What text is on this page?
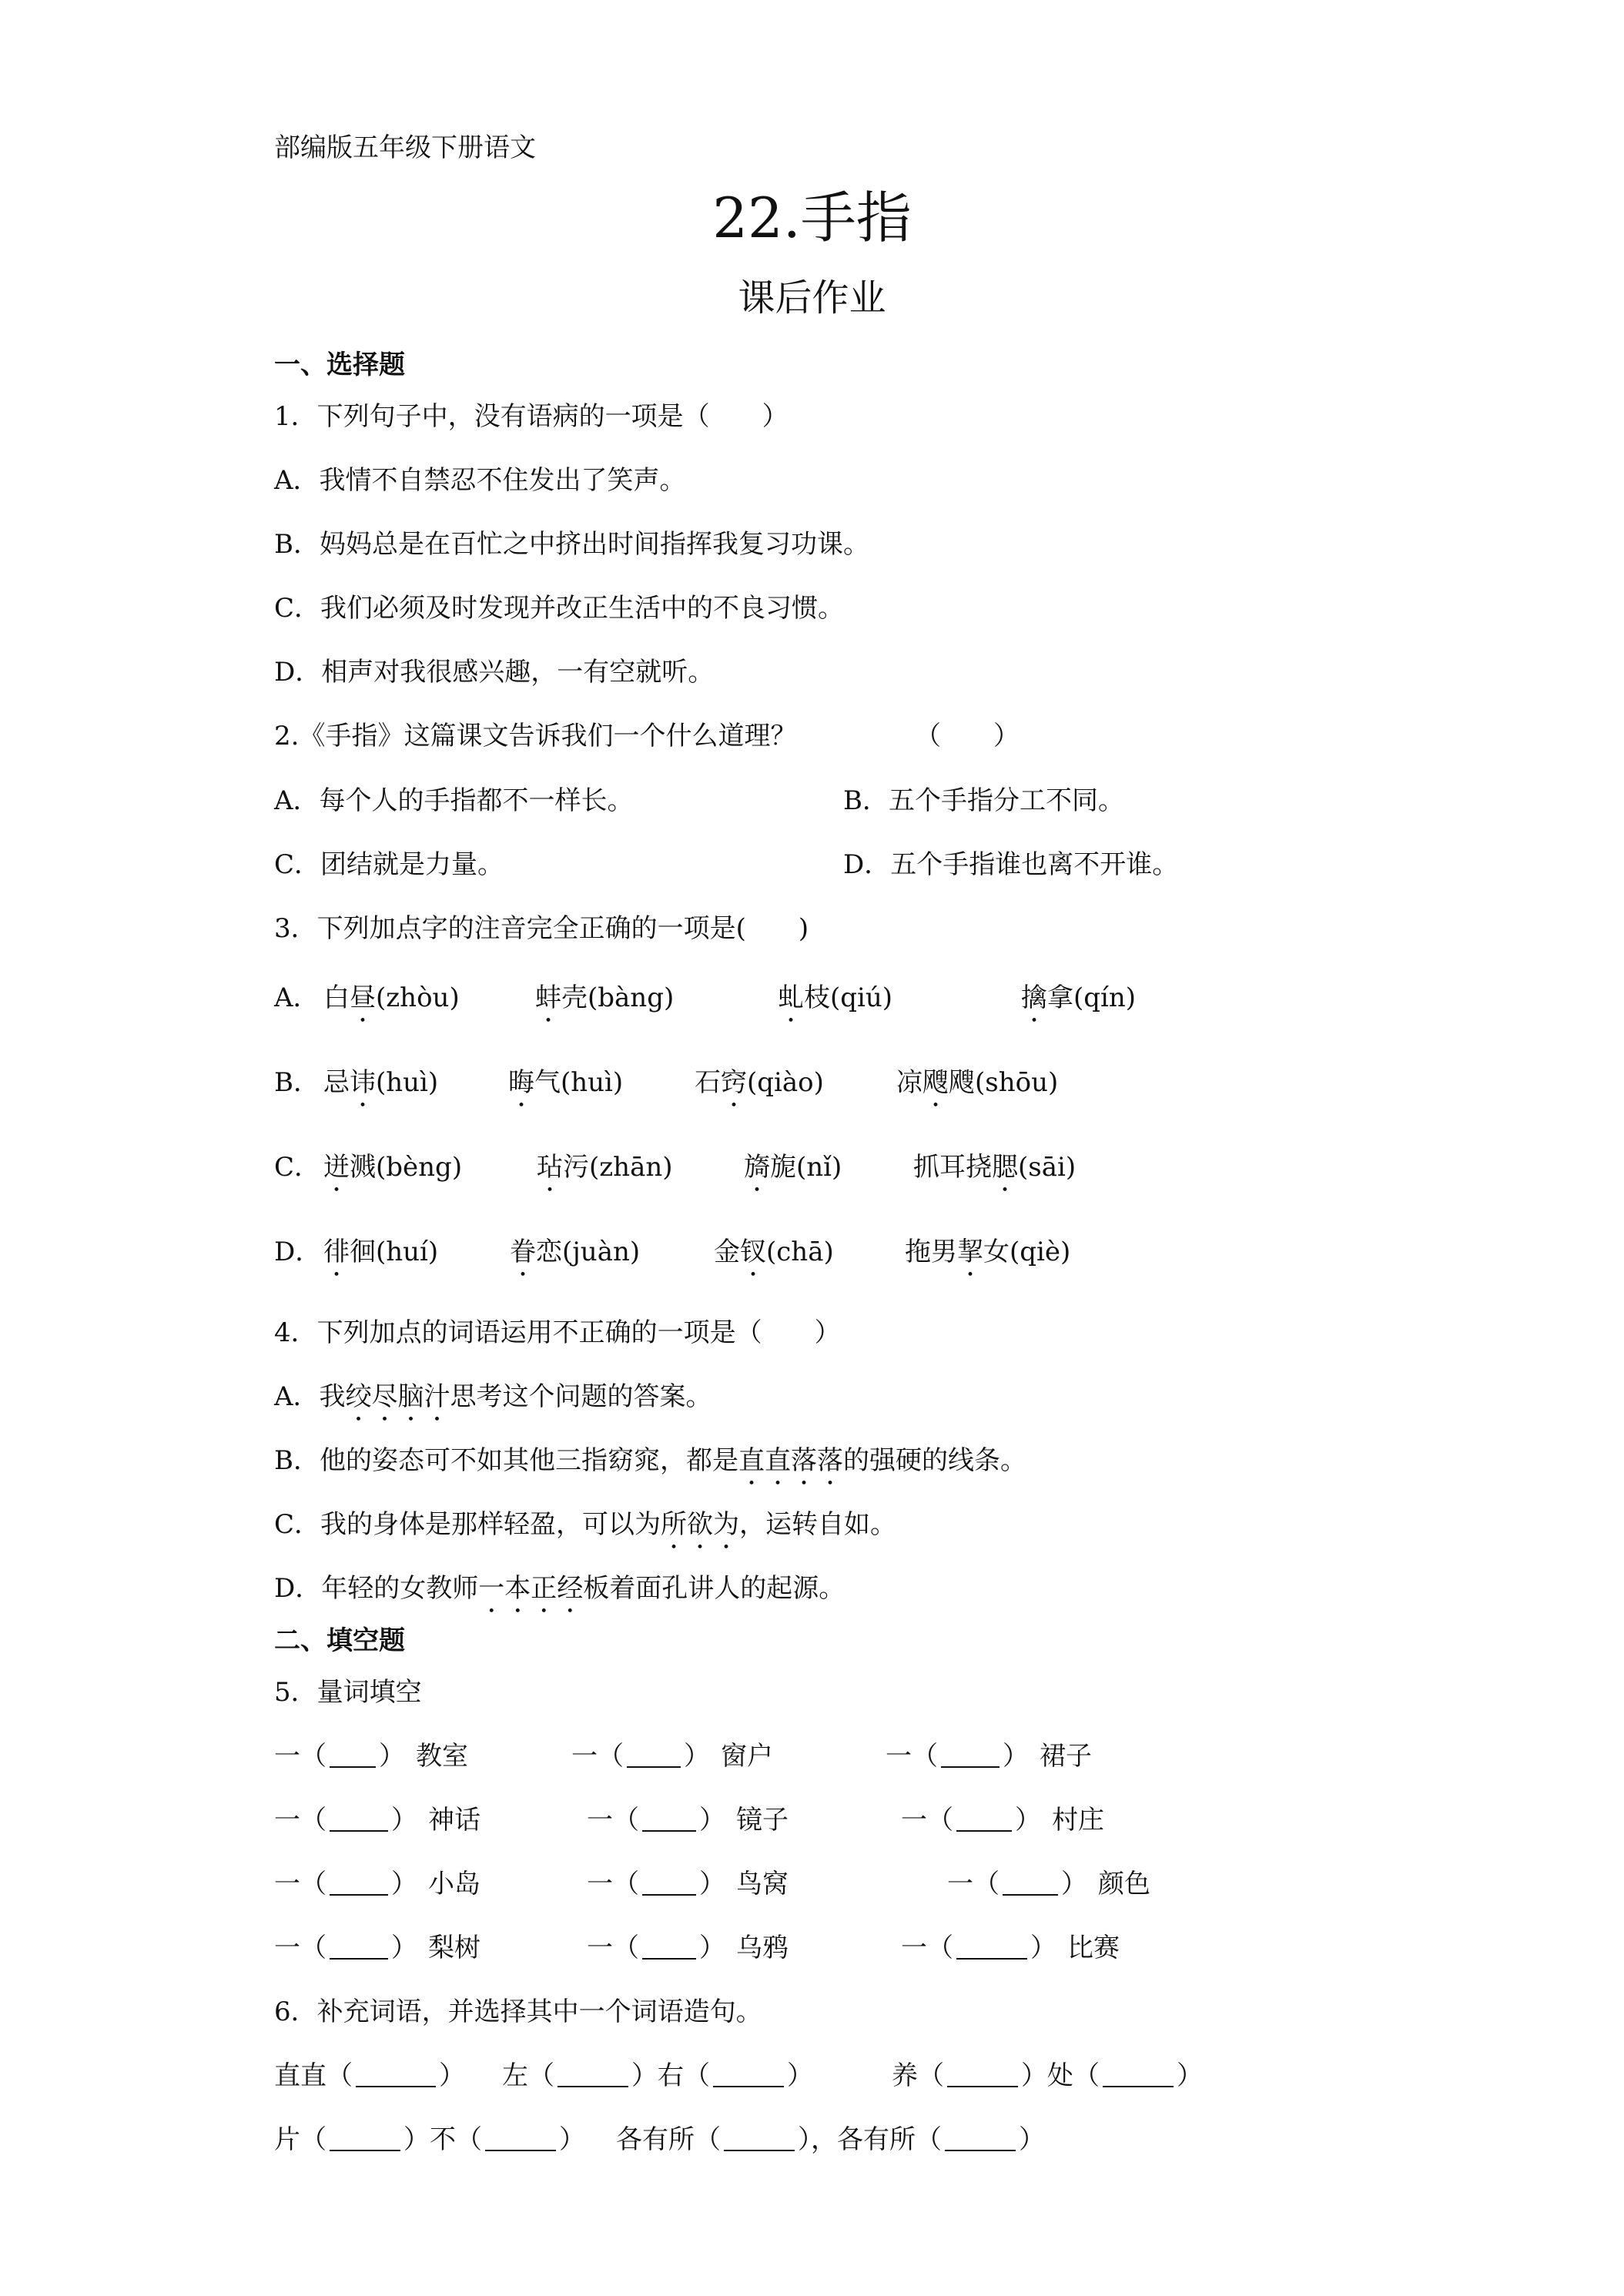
部编版五年级下册语文
22.手指
课后作业
一、选择题
1．下列句子中，没有语病的一项是（　　）
A．我情不自禁忍不住发出了笑声。
B．妈妈总是在百忙之中挤出时间指挥我复习功课。
C．我们必须及时发现并改正生活中的不良习惯。
D．相声对我很感兴趣，一有空就听。
2.《手指》这篇课文告诉我们一个什么道理？	（　　）
A．每个人的手指都不一样长。	B．五个手指分工不同。
C．团结就是力量。	D．五个手指谁也离不开谁。
3．下列加点字的注音完全正确的一项是(　　)
A． 白昼(zhòu)	蚌壳(bàng)	虬枝(qiú)	擒拿(qín)
B． 忌讳(huì)	晦气(huì)	石窍(qiào)	凉飕飕(shōu)
C． 迸溅(bèng)	玷污(zhān)	旖旎(nǐ)	抓耳挠腮(sāi)
D． 徘徊(huí)	眷恋(juàn)	金钗(chā)	拖男挈女(qiè)
4．下列加点的词语运用不正确的一项是（　　）
A．我绞尽脑汁思考这个问题的答案。
B．他的姿态可不如其他三指窈窕，都是直直落落的强硬的线条。
C．我的身体是那样轻盈，可以为所欲为，运转自如。
D．年轻的女教师一本正经板着面孔讲人的起源。
二、填空题
5．量词填空
一（ ） 教室	一（ ） 窗户	一（ ） 裙子
一（ ） 神话	一（ ） 镜子	一（ ） 村庄
一（ ） 小岛	一（ ） 鸟窝	一（ ） 颜色
一（ ） 梨树	一（ ） 乌鸦	一（	） 比赛
6．补充词语，并选择其中一个词语造句。
直直（	） 左（	）右（	）	养（	）处（	）
片（	）不（	） 各有所（	），各有所（	）
